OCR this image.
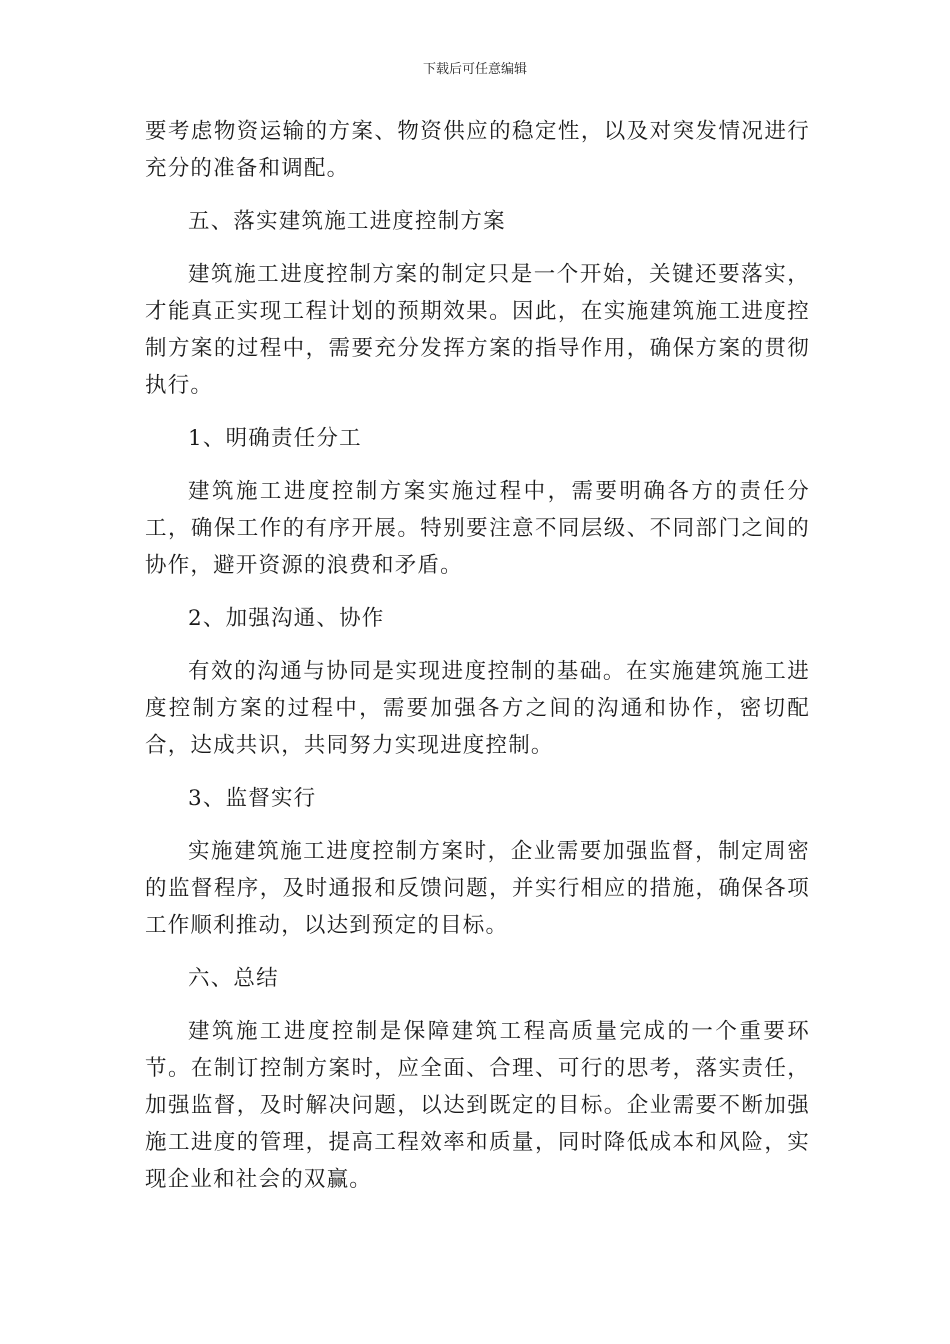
下载后可任意编辑

要考虑物资运输的方案、物资供应的稳定性，以及对突发情况进行充分的准备和调配。

五、落实建筑施工进度控制方案

建筑施工进度控制方案的制定只是一个开始，关键还要落实，才能真正实现工程计划的预期效果。因此，在实施建筑施工进度控制方案的过程中，需要充分发挥方案的指导作用，确保方案的贯彻执行。

1、明确责任分工

建筑施工进度控制方案实施过程中，需要明确各方的责任分工，确保工作的有序开展。特别要注意不同层级、不同部门之间的协作，避开资源的浪费和矛盾。

2、加强沟通、协作

有效的沟通与协同是实现进度控制的基础。在实施建筑施工进度控制方案的过程中，需要加强各方之间的沟通和协作，密切配合，达成共识，共同努力实现进度控制。

3、监督实行

实施建筑施工进度控制方案时，企业需要加强监督，制定周密的监督程序，及时通报和反馈问题，并实行相应的措施，确保各项工作顺利推动，以达到预定的目标。

六、总结

建筑施工进度控制是保障建筑工程高质量完成的一个重要环节。在制订控制方案时，应全面、合理、可行的思考，落实责任，加强监督，及时解决问题，以达到既定的目标。企业需要不断加强施工进度的管理，提高工程效率和质量，同时降低成本和风险，实现企业和社会的双赢。
